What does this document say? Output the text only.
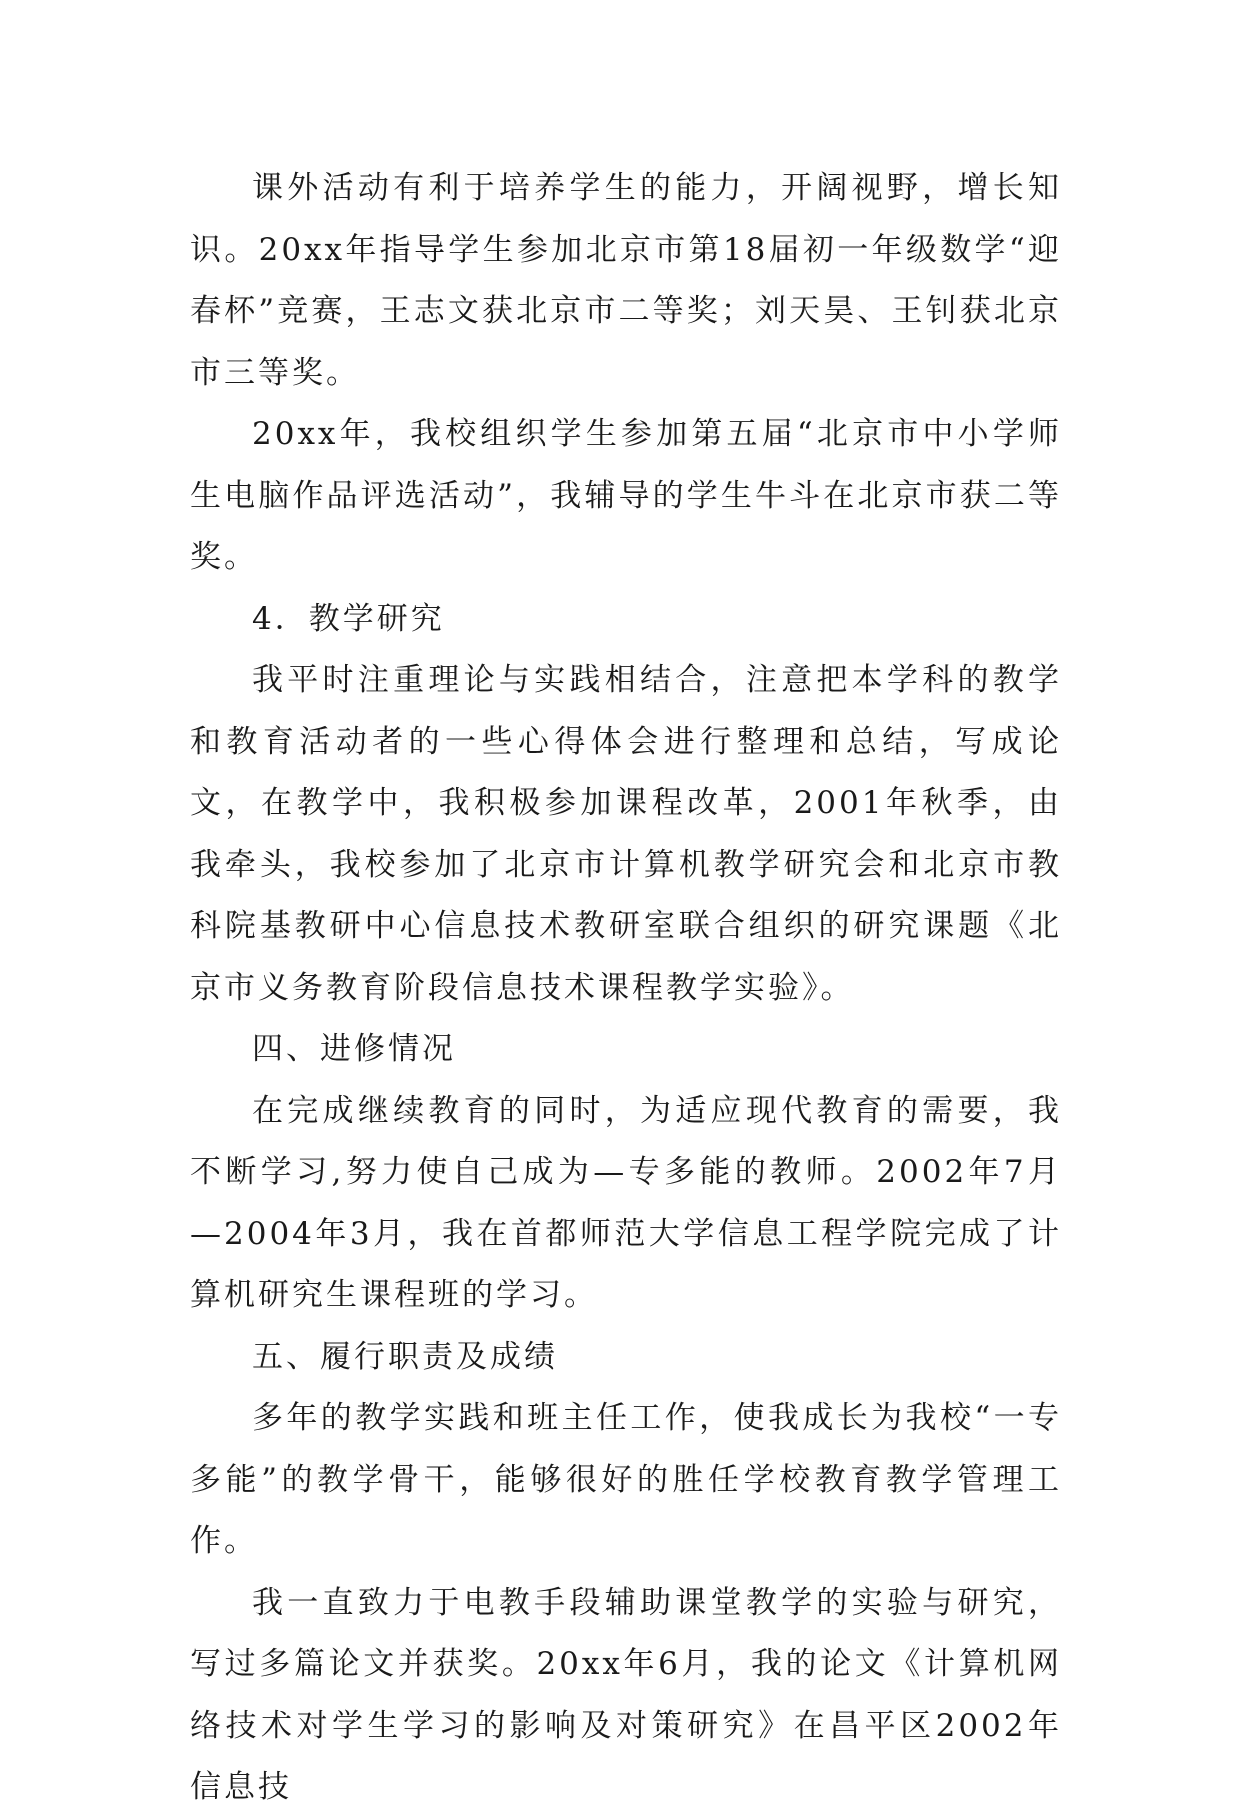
课外活动有利于培养学生的能力，开阔视野，增长知识。20xx年指导学生参加北京市第18届初一年级数学“迎春杯”竞赛，王志文获北京市二等奖；刘天昊、王钊获北京市三等奖。

20xx年，我校组织学生参加第五届“北京市中小学师生电脑作品评选活动”，我辅导的学生牛斗在北京市获二等奖。

4．教学研究

我平时注重理论与实践相结合，注意把本学科的教学和教育活动者的一些心得体会进行整理和总结，写成论文，在教学中，我积极参加课程改革，2001年秋季，由我牵头，我校参加了北京市计算机教学研究会和北京市教科院基教研中心信息技术教研室联合组织的研究课题《北京市义务教育阶段信息技术课程教学实验》。

四、进修情况

在完成继续教育的同时，为适应现代教育的需要，我不断学习,努力使自己成为—专多能的教师。2002年7月—2004年3月，我在首都师范大学信息工程学院完成了计算机研究生课程班的学习。

五、履行职责及成绩

多年的教学实践和班主任工作，使我成长为我校“一专多能”的教学骨干，能够很好的胜任学校教育教学管理工作。

我一直致力于电教手段辅助课堂教学的实验与研究，写过多篇论文并获奖。20xx年6月，我的论文《计算机网络技术对学生学习的影响及对策研究》在昌平区2002年信息技
